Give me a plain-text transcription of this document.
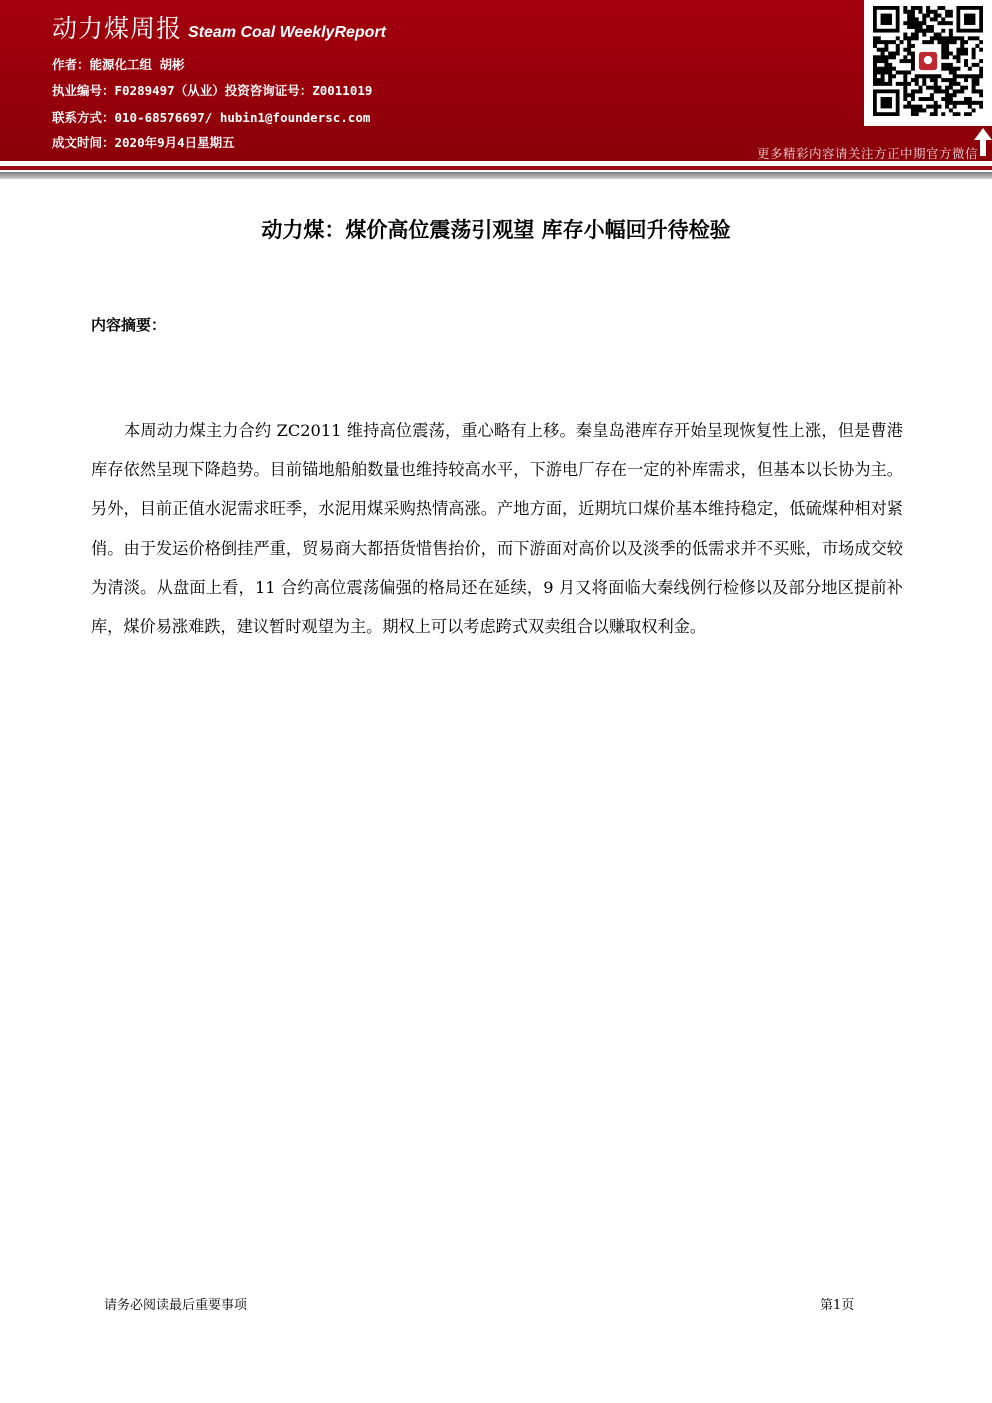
动力煤周报 Steam Coal WeeklyReport
作者：能源化工组 胡彬
执业编号：F0289497（从业）投资咨询证号：Z0011019
联系方式：010-68576697/ hubin1@foundersc.com
成文时间：2020年9月4日星期五
更多精彩内容请关注方正中期官方微信
动力煤：煤价高位震荡引观望 库存小幅回升待检验
内容摘要：

本周动力煤主力合约 ZC2011 维持高位震荡，重心略有上移。秦皇岛港库存开始呈现恢复性上涨，但是曹港库存依然呈现下降趋势。目前锚地船舶数量也维持较高水平，下游电厂存在一定的补库需求，但基本以长协为主。另外，目前正值水泥需求旺季，水泥用煤采购热情高涨。产地方面，近期坑口煤价基本维持稳定，低硫煤种相对紧俏。由于发运价格倒挂严重，贸易商大都捂货惜售抬价，而下游面对高价以及淡季的低需求并不买账，市场成交较为清淡。从盘面上看，11 合约高位震荡偏强的格局还在延续，9 月又将面临大秦线例行检修以及部分地区提前补库，煤价易涨难跌，建议暂时观望为主。期权上可以考虑跨式双卖组合以赚取权利金。

请务必阅读最后重要事项	第1页
